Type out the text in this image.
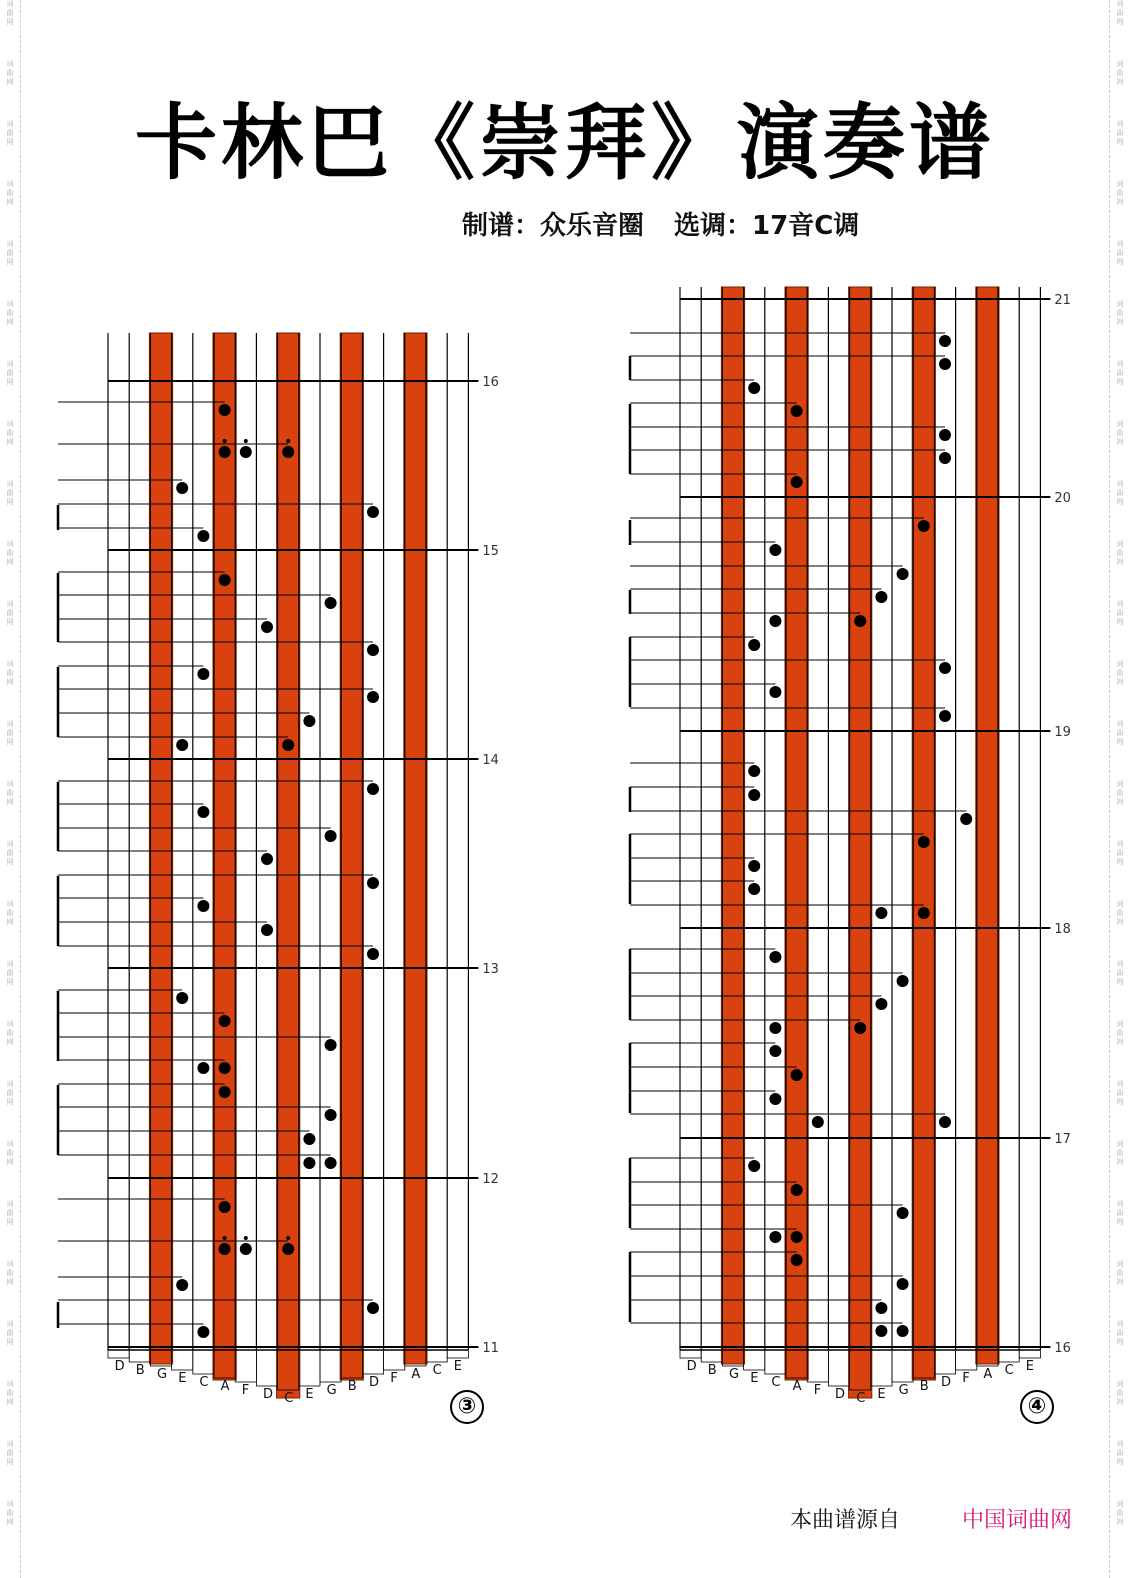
词
曲
网
词
曲
网
词
曲
网
词
曲
网
词
曲
网
词
曲
网
词
曲
网
词
曲
网
词
曲
网
词
曲
网
词
曲
网
词
曲
网
词
曲
网
词
曲
网
词
曲
网
词
曲
网
词
曲
网
词
曲
网
词
曲
网
词
曲
网
词
曲
网
词
曲
网
词
曲
网
词
曲
网
词
曲
网
词
曲
网
词
曲
网
词
曲
网
词
曲
网
词
曲
网
词
曲
网
词
曲
网
词
曲
网
词
曲
网
词
曲
网
词
曲
网
词
曲
网
词
曲
网
词
曲
网
词
曲
网
词
曲
网
词
曲
网
词
曲
网
词
曲
网
词
曲
网
词
曲
网
词
曲
网
词
曲
网
词
曲
网
词
曲
网
词
曲
网
词
曲
网
卡林巴《崇拜》演奏谱
制谱：众乐音圈 选调：17音C调
16
15
14
13
12
11
D B G E C A F D C E G B D F A C E
21
20
19
18
17
16
D B G E C A F D C E G B D F A C E
③	④
本曲谱源自	中国词曲网
